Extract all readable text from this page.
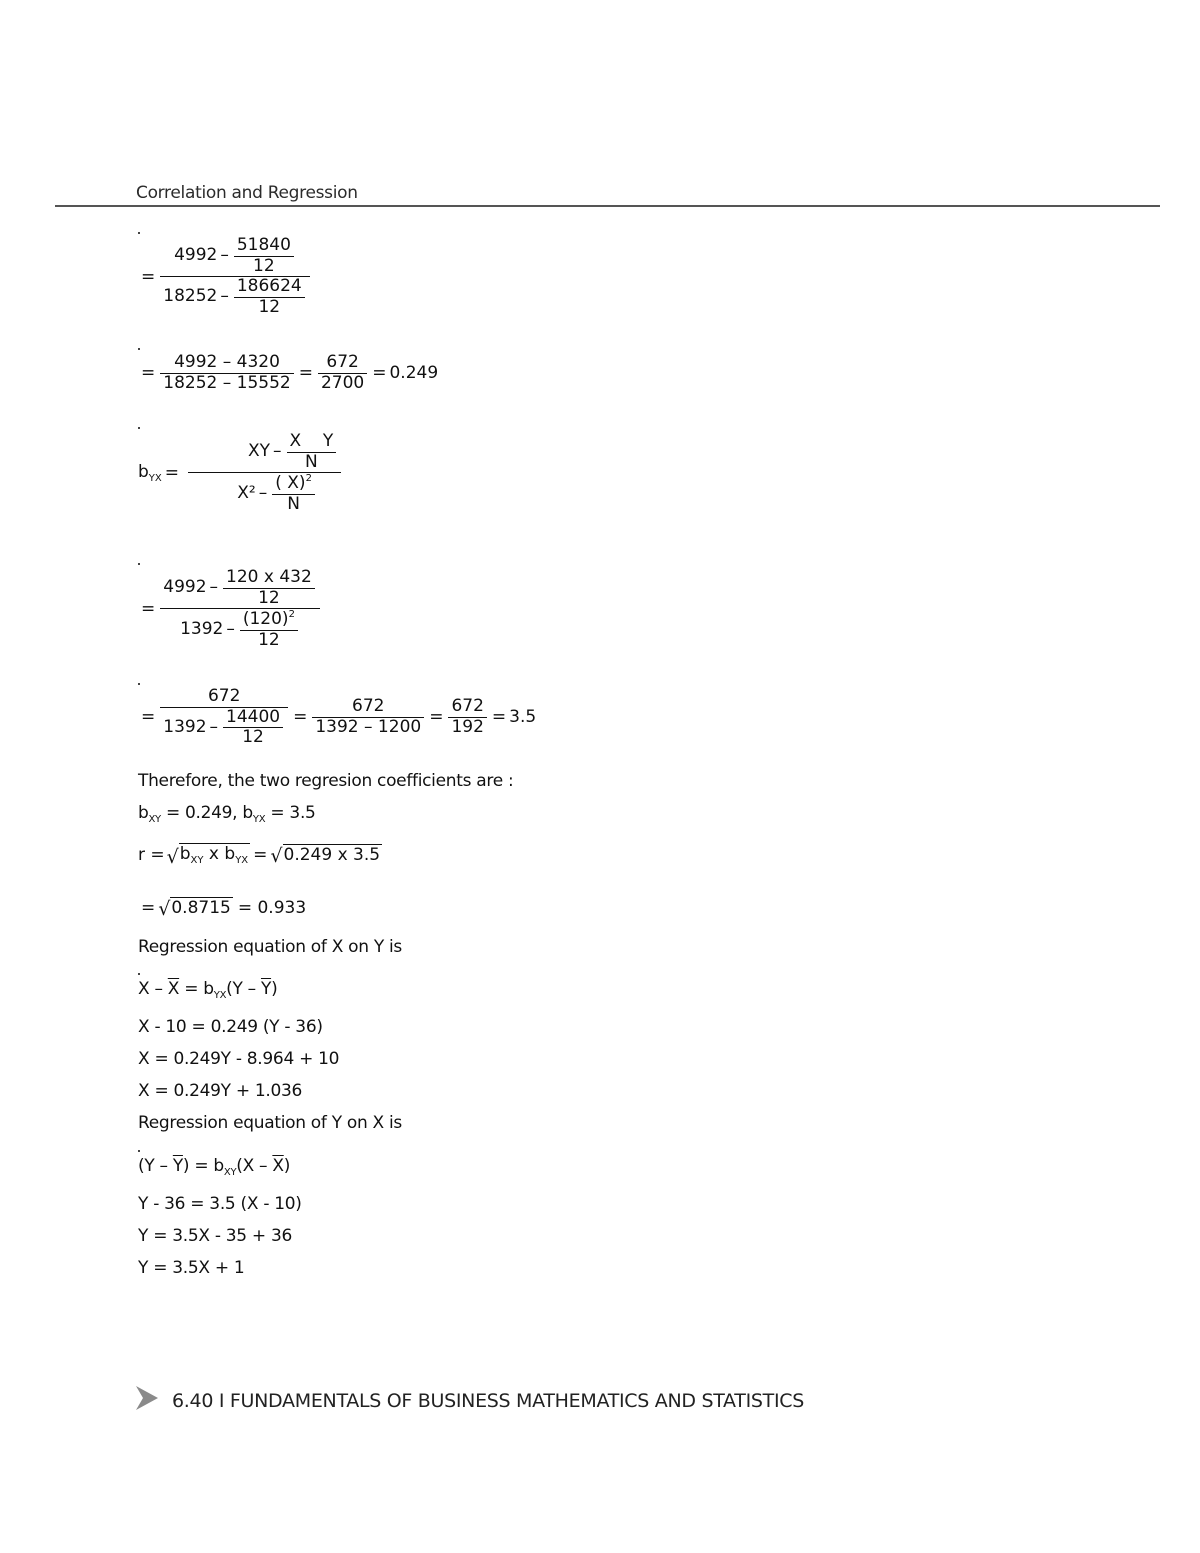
Correlation and Regression
= $\frac{4992 - \frac{51840}{12}}{18252 - \frac{186624}{12}}$
= $\frac{4992 - 4320}{18252 - 15552} = \frac{672}{2700} = 0.249$
$b_{YX} = \frac{XY - \frac{\text{X Y}}{N}}{X^2 - \frac{( X)^2}{N}}$
= $\frac{4992 - \frac{120 x 432}{12}}{1392 - \frac{(120)^2}{12}}$
= $\frac{672}{1392 - \frac{14400}{12}} = \frac{672}{1392 - 1200} = \frac{672}{192} = 3.5$
Therefore, the two regresion coefficients are :
$b_{XY} = 0.249$, $b_{YX} = 3.5$
r = √ $b_{XY}$ x $b_{YX}$ = √ 0.249 x 3.5
= √ 0.8715 = 0.933
Regression equation of X on Y is
$X - \overline{X} = b_{YX}(Y - \overline{Y})$
X - 10 = 0.249 (Y - 36)
X = 0.249Y - 8.964 + 10
X = 0.249Y + 1.036
Regression equation of Y on X is
$(Y - \overline{Y}) = b_{XY}(X - \overline{X})$
Y - 36 = 3.5 (X - 10)
Y = 3.5X - 35 + 36
Y = 3.5X + 1
6.40 I FUNDAMENTALS OF BUSINESS MATHEMATICS AND STATISTICS
